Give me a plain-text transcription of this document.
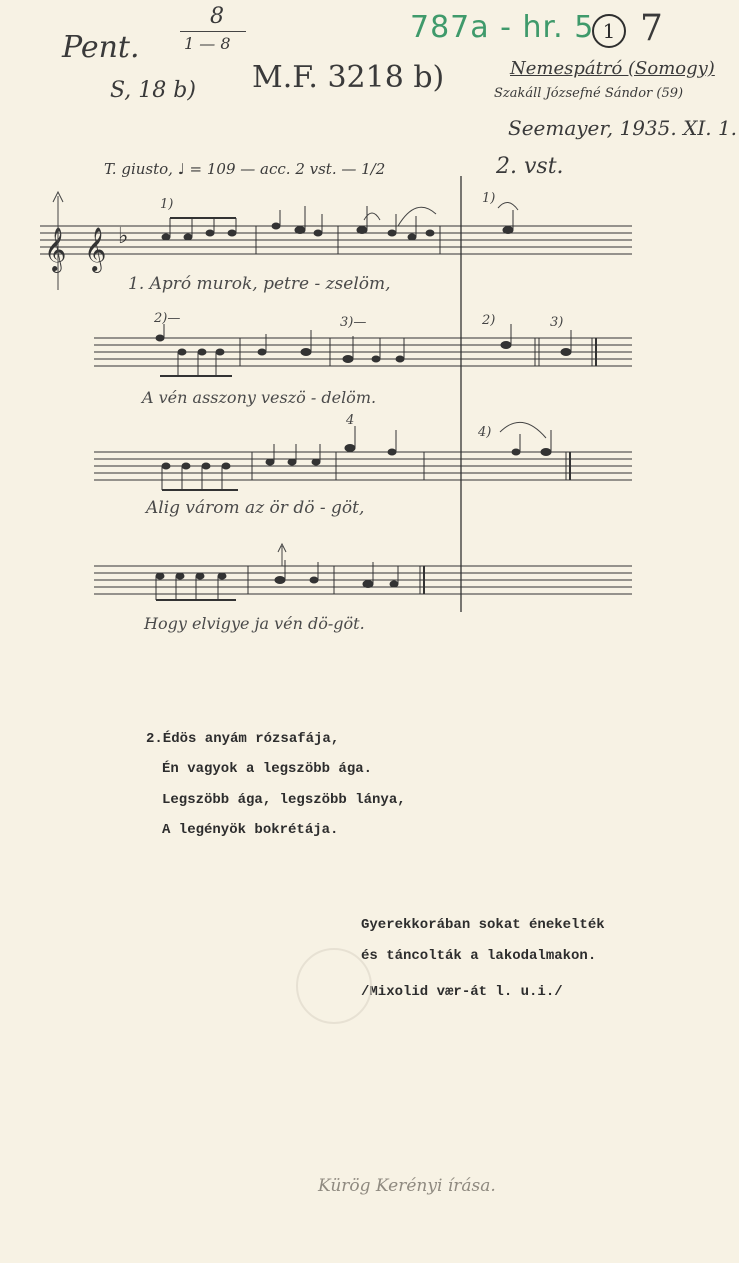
Pent.
8
1 — 8
S, 18 b) M.F. 3218 b)
787a - hr. 5 1 7
Nemespátró (Somogy)
Szakáll Józsefné Sándor (59)
Seemayer, 1935. XI. 1.
T. giusto, ♩ = 109 — acc. 2 vst. — 1/2	2. vst.
𝄞 𝄞 ♭
1)
2)—	3)—
1)
2)	3)
4)
4
1. Apró murok, petre - zselöm,
A vén asszony veszö - delöm.
Alig várom az ör dö - göt,
Hogy elvigye ja vén dö-göt.
2.Édös anyám rózsafája,
Én vagyok a legszöbb ága.
Legszöbb ága, legszöbb lánya,
A legényök bokrétája.
Gyerekkorában sokat énekelték
és táncolták a lakodalmakon.
/Mixolid vær-át l. u.i./
Kürög Kerényi írása.
